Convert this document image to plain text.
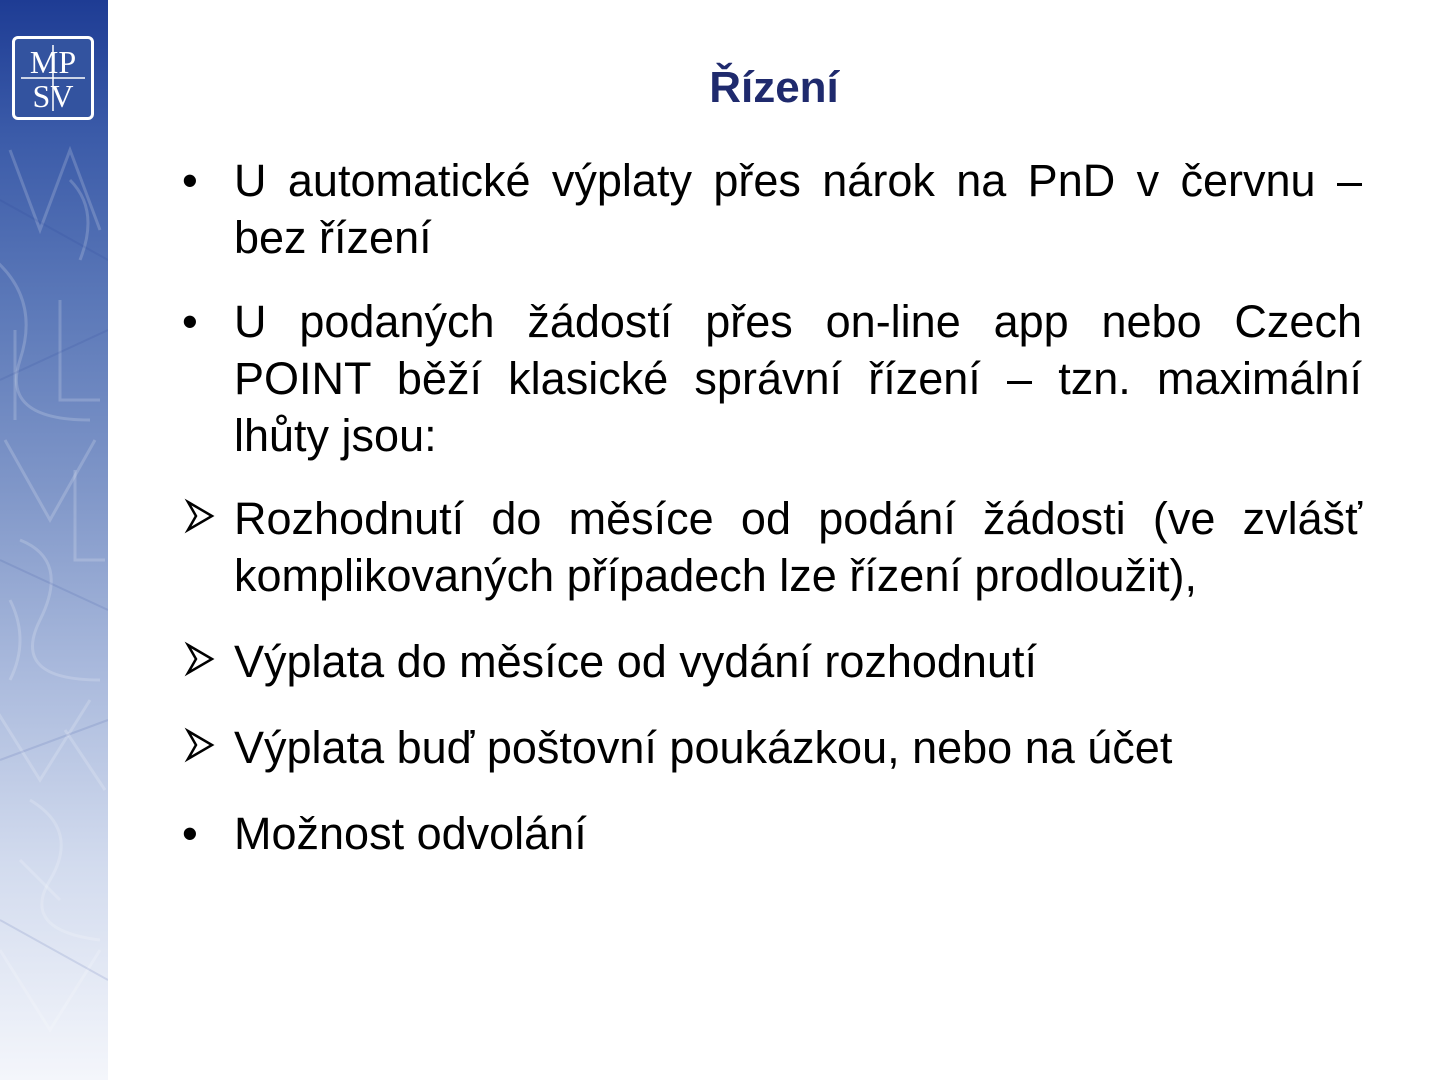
MP
SV	Řízení
• U automatické výplaty přes nárok na PnD v červnu – bez řízení
• U podaných žádostí přes on-line app nebo Czech POINT běží klasické správní řízení – tzn. maximální lhůty jsou:
Rozhodnutí do měsíce od podání žádosti (ve zvlášť komplikovaných případech lze řízení prodloužit),
Výplata do měsíce od vydání rozhodnutí
Výplata buď poštovní poukázkou, nebo na účet
• Možnost odvolání
